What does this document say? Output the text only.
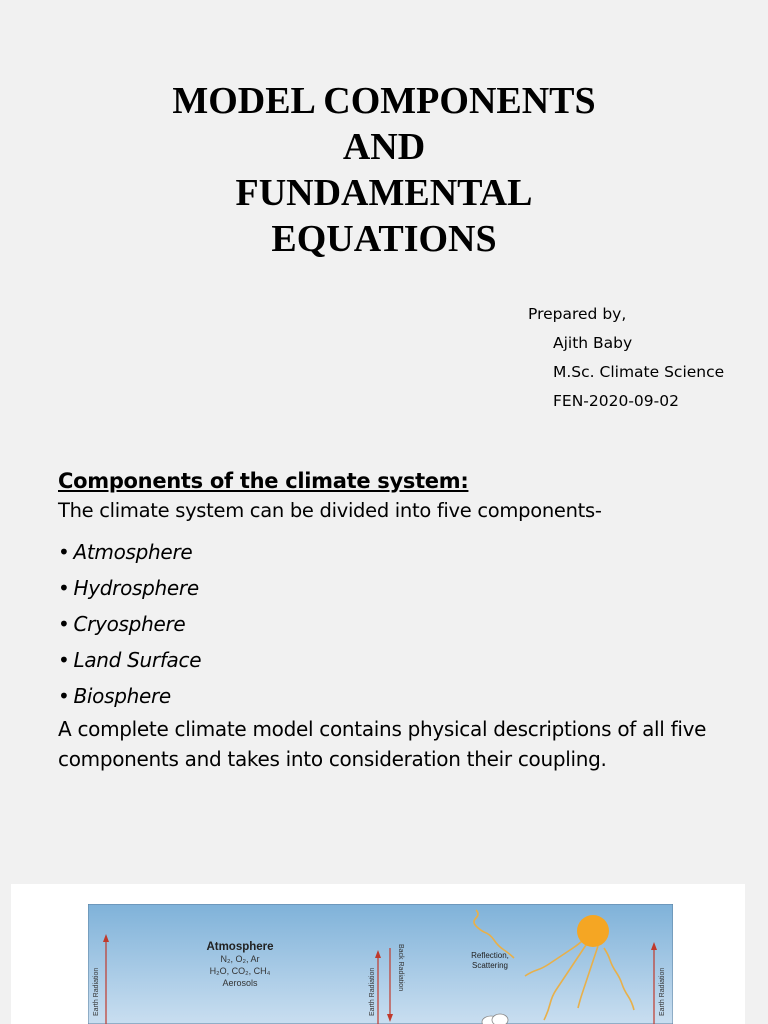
MODEL COMPONENTS
AND
FUNDAMENTAL
EQUATIONS
Prepared by,
Ajith Baby
M.Sc. Climate Science
FEN-2020-09-02

Components of the climate system:

The climate system can be divided into five components-

• Atmosphere
• Hydrosphere
• Cryosphere
• Land Surface
• Biosphere

A complete climate model contains physical descriptions of all five components and takes into consideration their coupling.

Earth Radiation
Atmosphere
N₂, O₂, Ar
H₂O, CO₂, CH₄
Aerosols	Earth Radiation
Back Radiation	Reflection,
Scattering
Earth Radiation
